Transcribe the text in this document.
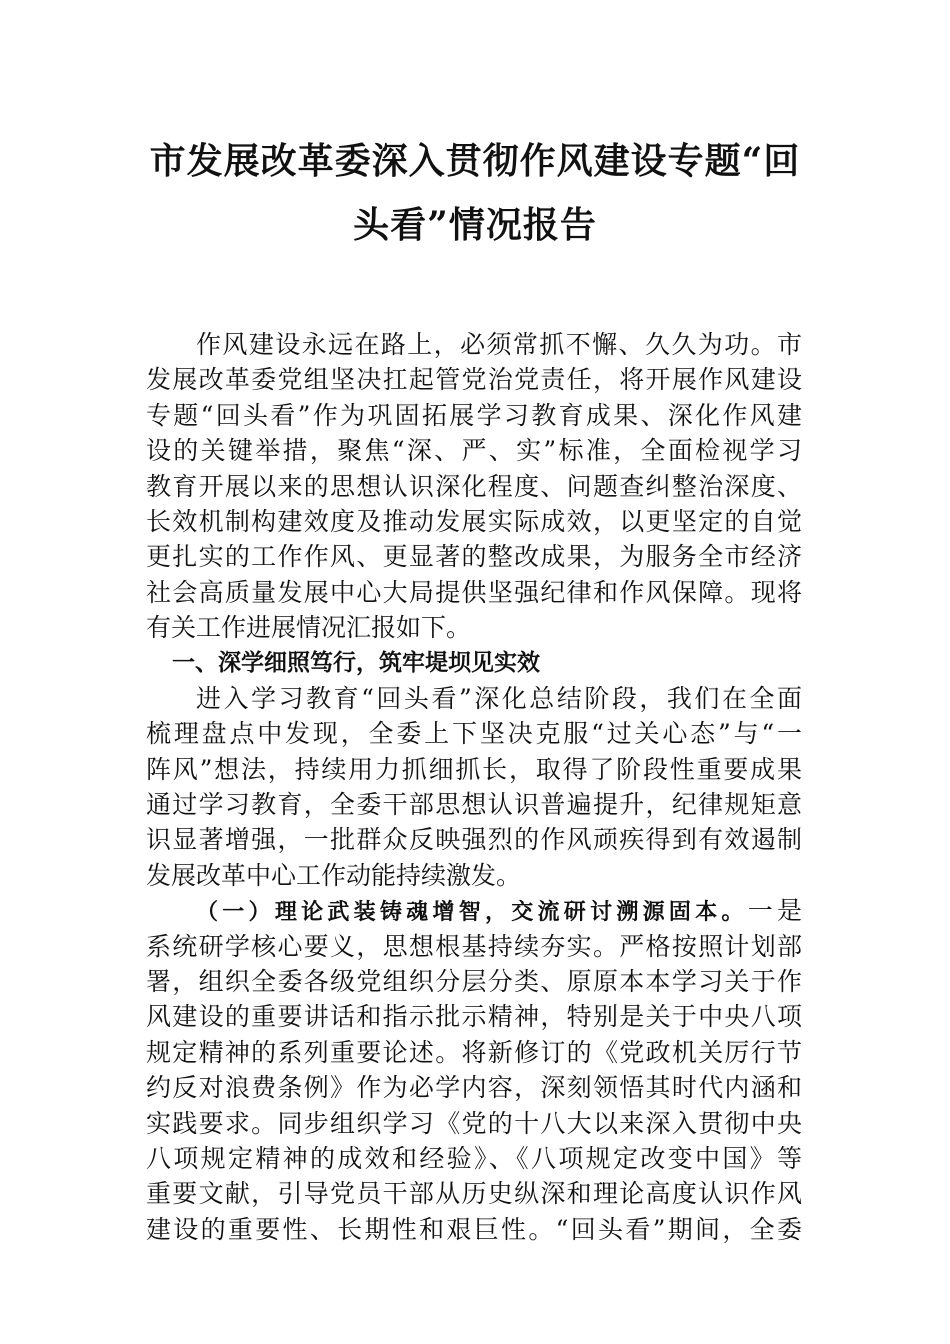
市发展改革委深入贯彻作风建设专题“回
头看”情况报告
作风建设永远在路上，必须常抓不懈、久久为功。市
发展改革委党组坚决扛起管党治党责任，将开展作风建设
专题“回头看”作为巩固拓展学习教育成果、深化作风建
设的关键举措，聚焦“深、严、实”标准，全面检视学习
教育开展以来的思想认识深化程度、问题查纠整治深度、
长效机制构建效度及推动发展实际成效，以更坚定的自觉
更扎实的工作作风、更显著的整改成果，为服务全市经济
社会高质量发展中心大局提供坚强纪律和作风保障。现将
有关工作进展情况汇报如下。
一、深学细照笃行，筑牢堤坝见实效
进入学习教育“回头看”深化总结阶段，我们在全面
梳理盘点中发现，全委上下坚决克服“过关心态”与“一
阵风”想法，持续用力抓细抓长，取得了阶段性重要成果
通过学习教育，全委干部思想认识普遍提升，纪律规矩意
识显著增强，一批群众反映强烈的作风顽疾得到有效遏制
发展改革中心工作动能持续激发。
（一）理论武装铸魂增智，交流研讨溯源固本。一是
系统研学核心要义，思想根基持续夯实。严格按照计划部
署，组织全委各级党组织分层分类、原原本本学习关于作
风建设的重要讲话和指示批示精神，特别是关于中央八项
规定精神的系列重要论述。将新修订的《党政机关厉行节
约反对浪费条例》作为必学内容，深刻领悟其时代内涵和
实践要求。同步组织学习《党的十八大以来深入贯彻中央
八项规定精神的成效和经验》、《八项规定改变中国》等
重要文献，引导党员干部从历史纵深和理论高度认识作风
建设的重要性、长期性和艰巨性。“回头看”期间，全委
